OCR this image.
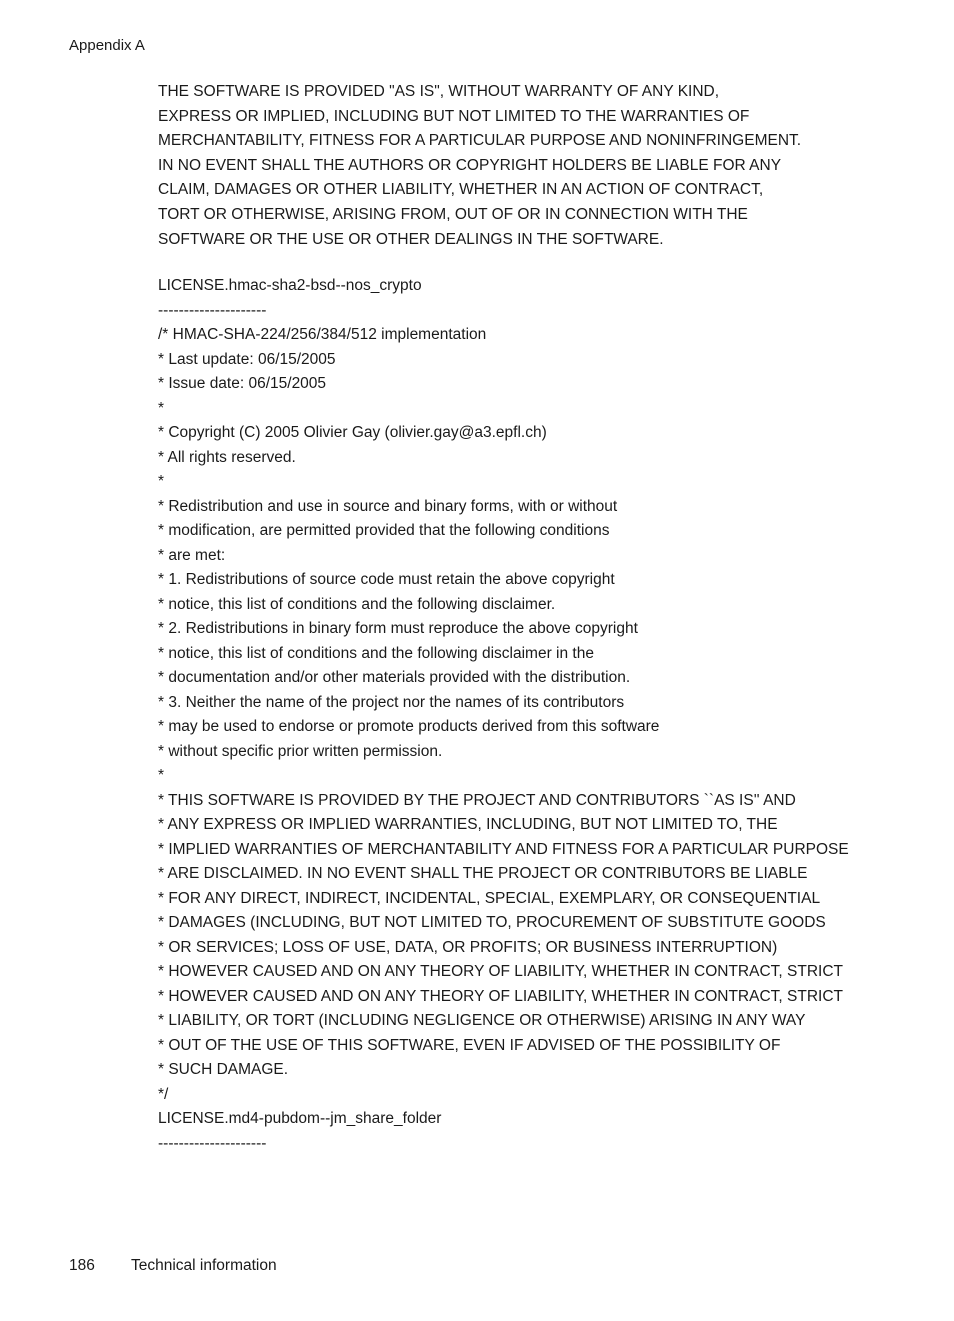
Appendix A
THE SOFTWARE IS PROVIDED "AS IS", WITHOUT WARRANTY OF ANY KIND,
EXPRESS OR IMPLIED, INCLUDING BUT NOT LIMITED TO THE WARRANTIES OF
MERCHANTABILITY, FITNESS FOR A PARTICULAR PURPOSE AND NONINFRINGEMENT.
IN NO EVENT SHALL THE AUTHORS OR COPYRIGHT HOLDERS BE LIABLE FOR ANY
CLAIM, DAMAGES OR OTHER LIABILITY, WHETHER IN AN ACTION OF CONTRACT,
TORT OR OTHERWISE, ARISING FROM, OUT OF OR IN CONNECTION WITH THE
SOFTWARE OR THE USE OR OTHER DEALINGS IN THE SOFTWARE.
LICENSE.hmac-sha2-bsd--nos_crypto
---------------------
/* HMAC-SHA-224/256/384/512 implementation
* Last update: 06/15/2005
* Issue date: 06/15/2005
*
* Copyright (C) 2005 Olivier Gay (olivier.gay@a3.epfl.ch)
* All rights reserved.
*
* Redistribution and use in source and binary forms, with or without
* modification, are permitted provided that the following conditions
* are met:
* 1. Redistributions of source code must retain the above copyright
* notice, this list of conditions and the following disclaimer.
* 2. Redistributions in binary form must reproduce the above copyright
* notice, this list of conditions and the following disclaimer in the
* documentation and/or other materials provided with the distribution.
* 3. Neither the name of the project nor the names of its contributors
* may be used to endorse or promote products derived from this software
* without specific prior written permission.
*
* THIS SOFTWARE IS PROVIDED BY THE PROJECT AND CONTRIBUTORS ``AS IS'' AND
* ANY EXPRESS OR IMPLIED WARRANTIES, INCLUDING, BUT NOT LIMITED TO, THE
* IMPLIED WARRANTIES OF MERCHANTABILITY AND FITNESS FOR A PARTICULAR PURPOSE
* ARE DISCLAIMED. IN NO EVENT SHALL THE PROJECT OR CONTRIBUTORS BE LIABLE
* FOR ANY DIRECT, INDIRECT, INCIDENTAL, SPECIAL, EXEMPLARY, OR CONSEQUENTIAL
* DAMAGES (INCLUDING, BUT NOT LIMITED TO, PROCUREMENT OF SUBSTITUTE GOODS
* OR SERVICES; LOSS OF USE, DATA, OR PROFITS; OR BUSINESS INTERRUPTION)
* HOWEVER CAUSED AND ON ANY THEORY OF LIABILITY, WHETHER IN CONTRACT, STRICT
* HOWEVER CAUSED AND ON ANY THEORY OF LIABILITY, WHETHER IN CONTRACT, STRICT
* LIABILITY, OR TORT (INCLUDING NEGLIGENCE OR OTHERWISE) ARISING IN ANY WAY
* OUT OF THE USE OF THIS SOFTWARE, EVEN IF ADVISED OF THE POSSIBILITY OF
* SUCH DAMAGE.
*/
LICENSE.md4-pubdom--jm_share_folder
---------------------
186 Technical information
